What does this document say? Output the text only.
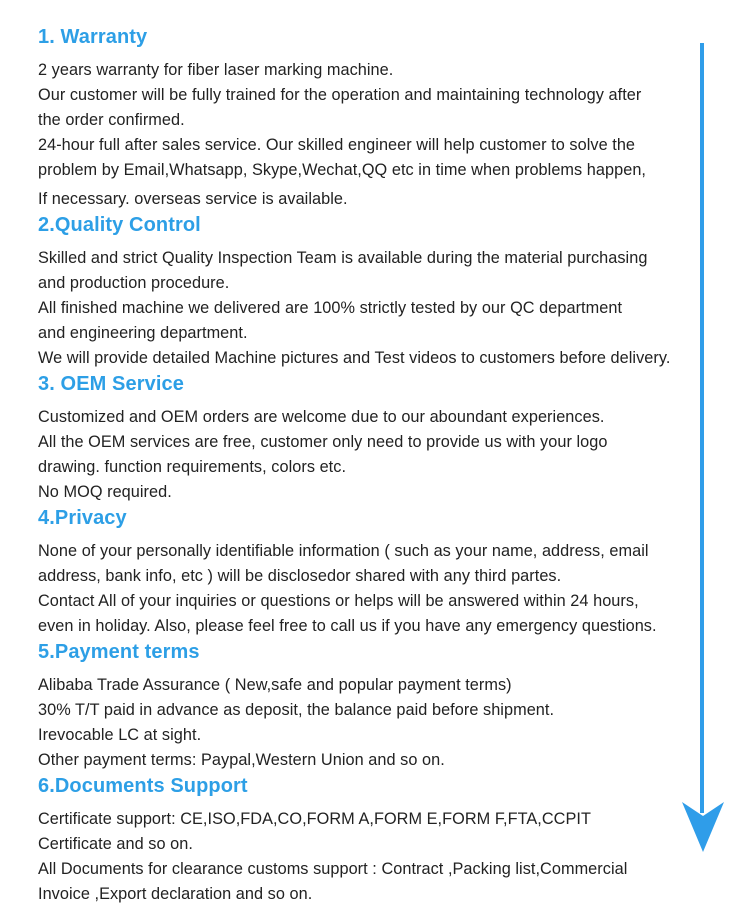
1. Warranty
2 years warranty for fiber laser marking machine.
Our customer will be fully trained for the operation and maintaining technology after
the order confirmed.
24-hour full after sales service. Our skilled engineer will help customer to solve the
problem by Email,Whatsapp, Skype,Wechat,QQ etc in time when problems happen,
If necessary. overseas service is available.
2.Quality Control
Skilled and strict Quality Inspection Team is available during the material purchasing
and production procedure.
All finished machine we delivered are 100% strictly tested by our QC department
and engineering department.
We will provide detailed Machine pictures and Test videos to customers before delivery.
3. OEM Service
Customized and OEM orders are welcome due to our aboundant experiences.
All the OEM services are free, customer only need to provide us with your logo
drawing. function requirements, colors etc.
No MOQ required.
4.Privacy
None of your personally identifiable information ( such as your name, address, email
address, bank info, etc ) will be disclosedor shared with any third partes.
Contact All of your inquiries or questions or helps will be answered within 24 hours,
even in holiday. Also, please feel free to call us if you have any emergency questions.
5.Payment terms
Alibaba Trade Assurance ( New,safe and popular payment terms)
30% T/T paid in advance as deposit, the balance paid before shipment.
Irevocable LC at sight.
Other payment terms: Paypal,Western Union and so on.
6.Documents Support
Certificate support: CE,ISO,FDA,CO,FORM A,FORM E,FORM F,FTA,CCPIT
Certificate and so on.
All Documents for clearance customs support : Contract ,Packing list,Commercial
Invoice ,Export declaration and so on.
